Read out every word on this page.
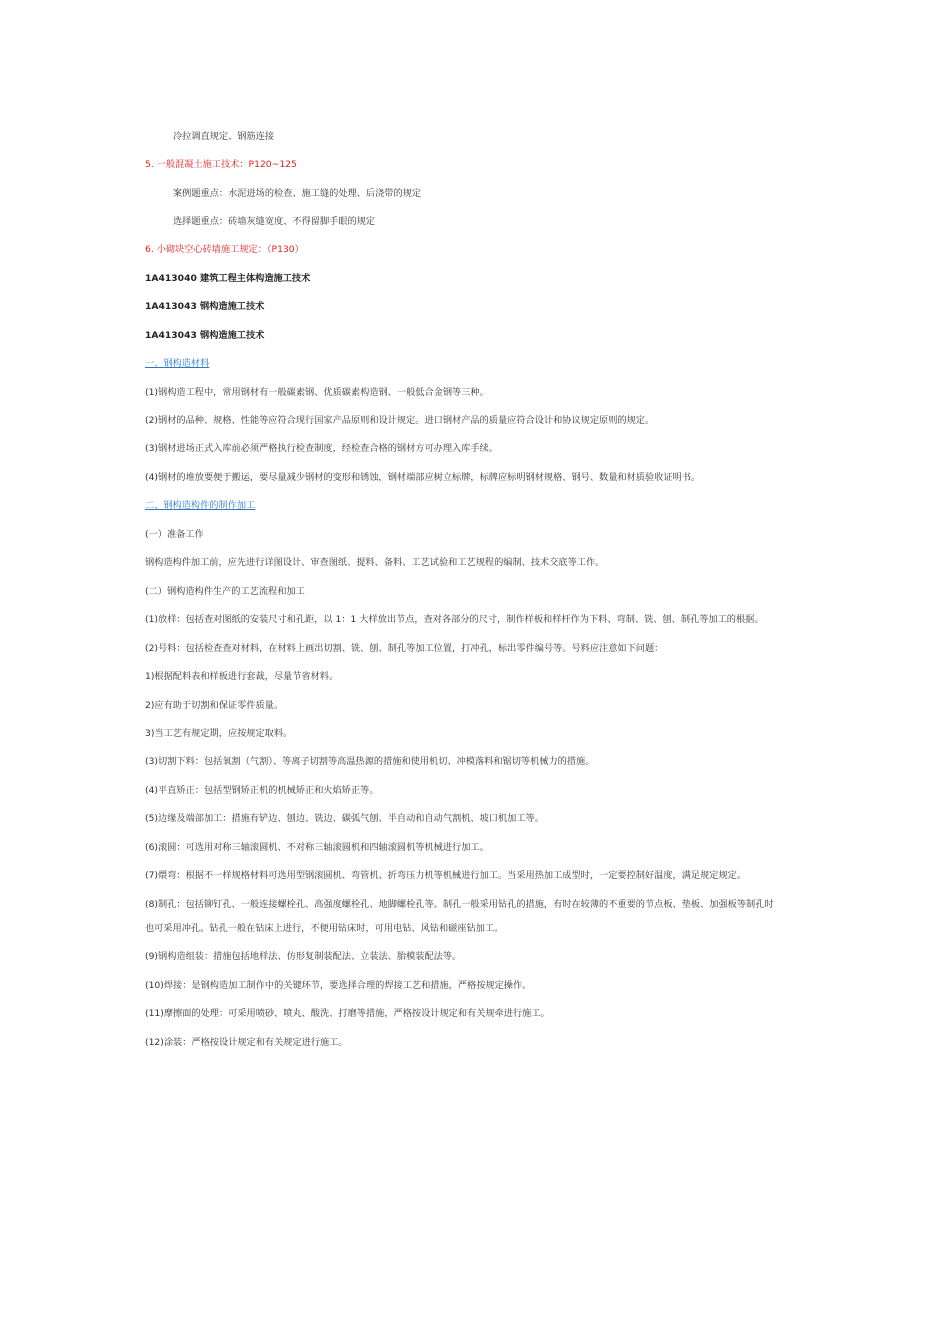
冷拉调直规定、钢筋连接
5. 一般混凝土施工技术：P120~125
案例题重点：水泥进场的检查、施工缝的处理、后浇带的规定
选择题重点：砖墙灰缝宽度、不得留脚手眼的规定
6. 小砌块空心砖墙施工规定：（P130）
1A413040 建筑工程主体构造施工技术
1A413043 钢构造施工技术
1A413043 钢构造施工技术
一、钢构造材料
(1)钢构造工程中，常用钢材有一般碳素钢、优质碳素构造钢、一般低合金钢等三种。
(2)钢材的品种、规格、性能等应符合现行国家产品原则和设计规定。进口钢材产品的质量应符合设计和协议规定原则的规定。
(3)钢材进场正式入库前必须严格执行检查制度，经检查合格的钢材方可办理入库手续。
(4)钢材的堆放要便于搬运，要尽量减少钢材的变形和锈蚀，钢材端部应树立标牌，标牌应标明钢材规格、钢号、数量和材质验收证明书。
二、钢构造构件的制作加工
(一）准备工作
钢构造构件加工前，应先进行详图设计、审查图纸、提料、备料、工艺试验和工艺规程的编制、技术交底等工作。
(二）钢构造构件生产的工艺流程和加工
(1)放样：包括查对图纸的安装尺寸和孔距，以 1：1 大样放出节点，查对各部分的尺寸，制作样板和样杆作为下料、弯制、铣、刨、制孔等加工的根据。
(2)号料：包括检查查对材料，在材料上画出切割、铣、刨、制孔等加工位置，打冲孔，标出零件编号等。号料应注意如下问题：
1)根据配料表和样板进行套裁，尽量节省材料。
2)应有助于切割和保证零件质量。
3)当工艺有规定期，应按规定取料。
(3)切割下料：包括氧割（气割）、等离子切割等高温热源的措施和使用机切、冲模落料和锯切等机械力的措施。
(4)平直矫正：包括型钢矫正机的机械矫正和火焰矫正等。
(5)边缘及端部加工：措施有铲边、刨边、铣边、碳弧气刨、半自动和自动气割机、坡口机加工等。
(6)滚圆：可选用对称三轴滚圆机、不对称三轴滚圆机和四轴滚圆机等机械进行加工。
(7)煨弯：根据不一样规格材料可选用型钢滚圆机、弯管机、折弯压力机等机械进行加工。当采用热加工成型时，一定要控制好温度，满足规定规定。
(8)制孔：包括铆钉孔、一般连接螺栓孔、高强度螺栓孔、地脚螺栓孔等。制孔一般采用钻孔的措施，有时在较薄的不重要的节点板、垫板、加强板等制孔时
也可采用冲孔。钻孔一般在钻床上进行，不便用钻床时，可用电钻、风钻和磁座钻加工。
(9)钢构造组装：措施包括地样法、仿形复制装配法、立装法、胎模装配法等。
(10)焊接：是钢构造加工制作中的关键环节，要选择合理的焊接工艺和措施，严格按规定操作。
(11)摩擦面的处理：可采用喷砂、喷丸、酸洗、打磨等措施，严格按设计规定和有关规牵进行施工。
(12)涂装：严格按设计规定和有关规定进行施工。
